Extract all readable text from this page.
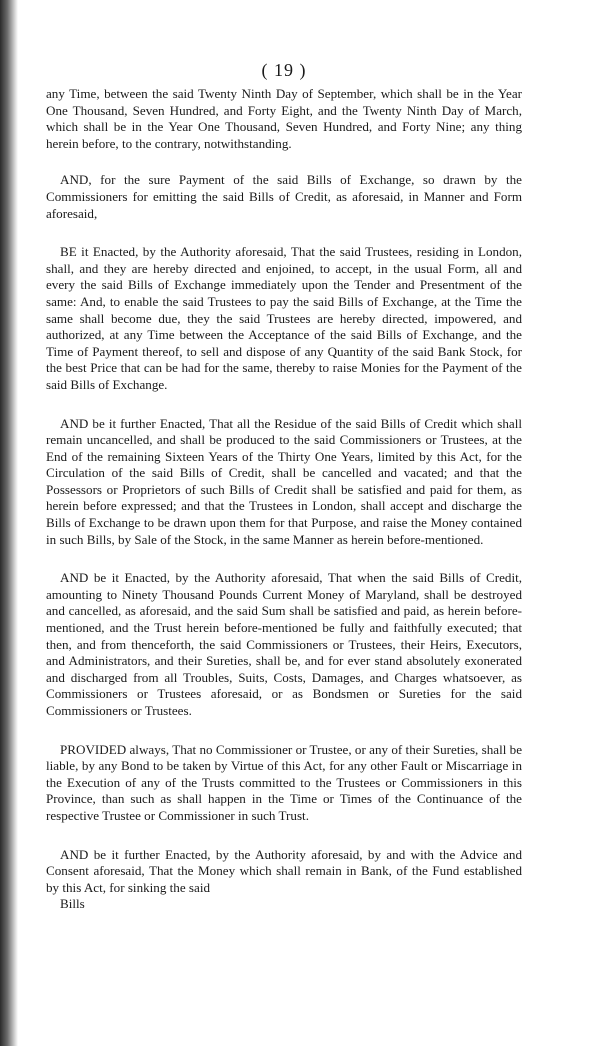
( 19 )

any Time, between the said Twenty Ninth Day of September, which shall be in the Year One Thousand, Seven Hundred, and Forty Eight, and the Twenty Ninth Day of March, which shall be in the Year One Thousand, Seven Hundred, and Forty Nine; any thing herein before, to the contrary, notwithstanding.

AND, for the sure Payment of the said Bills of Exchange, so drawn by the Commissioners for emitting the said Bills of Credit, as aforesaid, in Manner and Form aforesaid,

BE it Enacted, by the Authority aforesaid, That the said Trustees, residing in London, shall, and they are hereby directed and enjoined, to accept, in the usual Form, all and every the said Bills of Exchange immediately upon the Tender and Presentment of the same: And, to enable the said Trustees to pay the said Bills of Exchange, at the Time the same shall become due, they the said Trustees are hereby directed, impowered, and authorized, at any Time between the Acceptance of the said Bills of Exchange, and the Time of Payment thereof, to sell and dispose of any Quantity of the said Bank Stock, for the best Price that can be had for the same, thereby to raise Monies for the Payment of the said Bills of Exchange.

AND be it further Enacted, That all the Residue of the said Bills of Credit which shall remain uncancelled, and shall be produced to the said Commissioners or Trustees, at the End of the remaining Sixteen Years of the Thirty One Years, limited by this Act, for the Circulation of the said Bills of Credit, shall be cancelled and vacated; and that the Possessors or Proprietors of such Bills of Credit shall be satisfied and paid for them, as herein before expressed; and that the Trustees in London, shall accept and discharge the Bills of Exchange to be drawn upon them for that Purpose, and raise the Money contained in such Bills, by Sale of the Stock, in the same Manner as herein before-mentioned.

AND be it Enacted, by the Authority aforesaid, That when the said Bills of Credit, amounting to Ninety Thousand Pounds Current Money of Maryland, shall be destroyed and cancelled, as aforesaid, and the said Sum shall be satisfied and paid, as herein before-mentioned, and the Trust herein before-mentioned be fully and faithfully executed; that then, and from thenceforth, the said Commissioners or Trustees, their Heirs, Executors, and Administrators, and their Sureties, shall be, and for ever stand absolutely exonerated and discharged from all Troubles, Suits, Costs, Damages, and Charges whatsoever, as Commissioners or Trustees aforesaid, or as Bondsmen or Sureties for the said Commissioners or Trustees.

PROVIDED always, That no Commissioner or Trustee, or any of their Sureties, shall be liable, by any Bond to be taken by Virtue of this Act, for any other Fault or Miscarriage in the Execution of any of the Trusts committed to the Trustees or Commissioners in this Province, than such as shall happen in the Time or Times of the Continuance of the respective Trustee or Commissioner in such Trust.

AND be it further Enacted, by the Authority aforesaid, by and with the Advice and Consent aforesaid, That the Money which shall remain in Bank, of the Fund established by this Act, for sinking the said
Bills
